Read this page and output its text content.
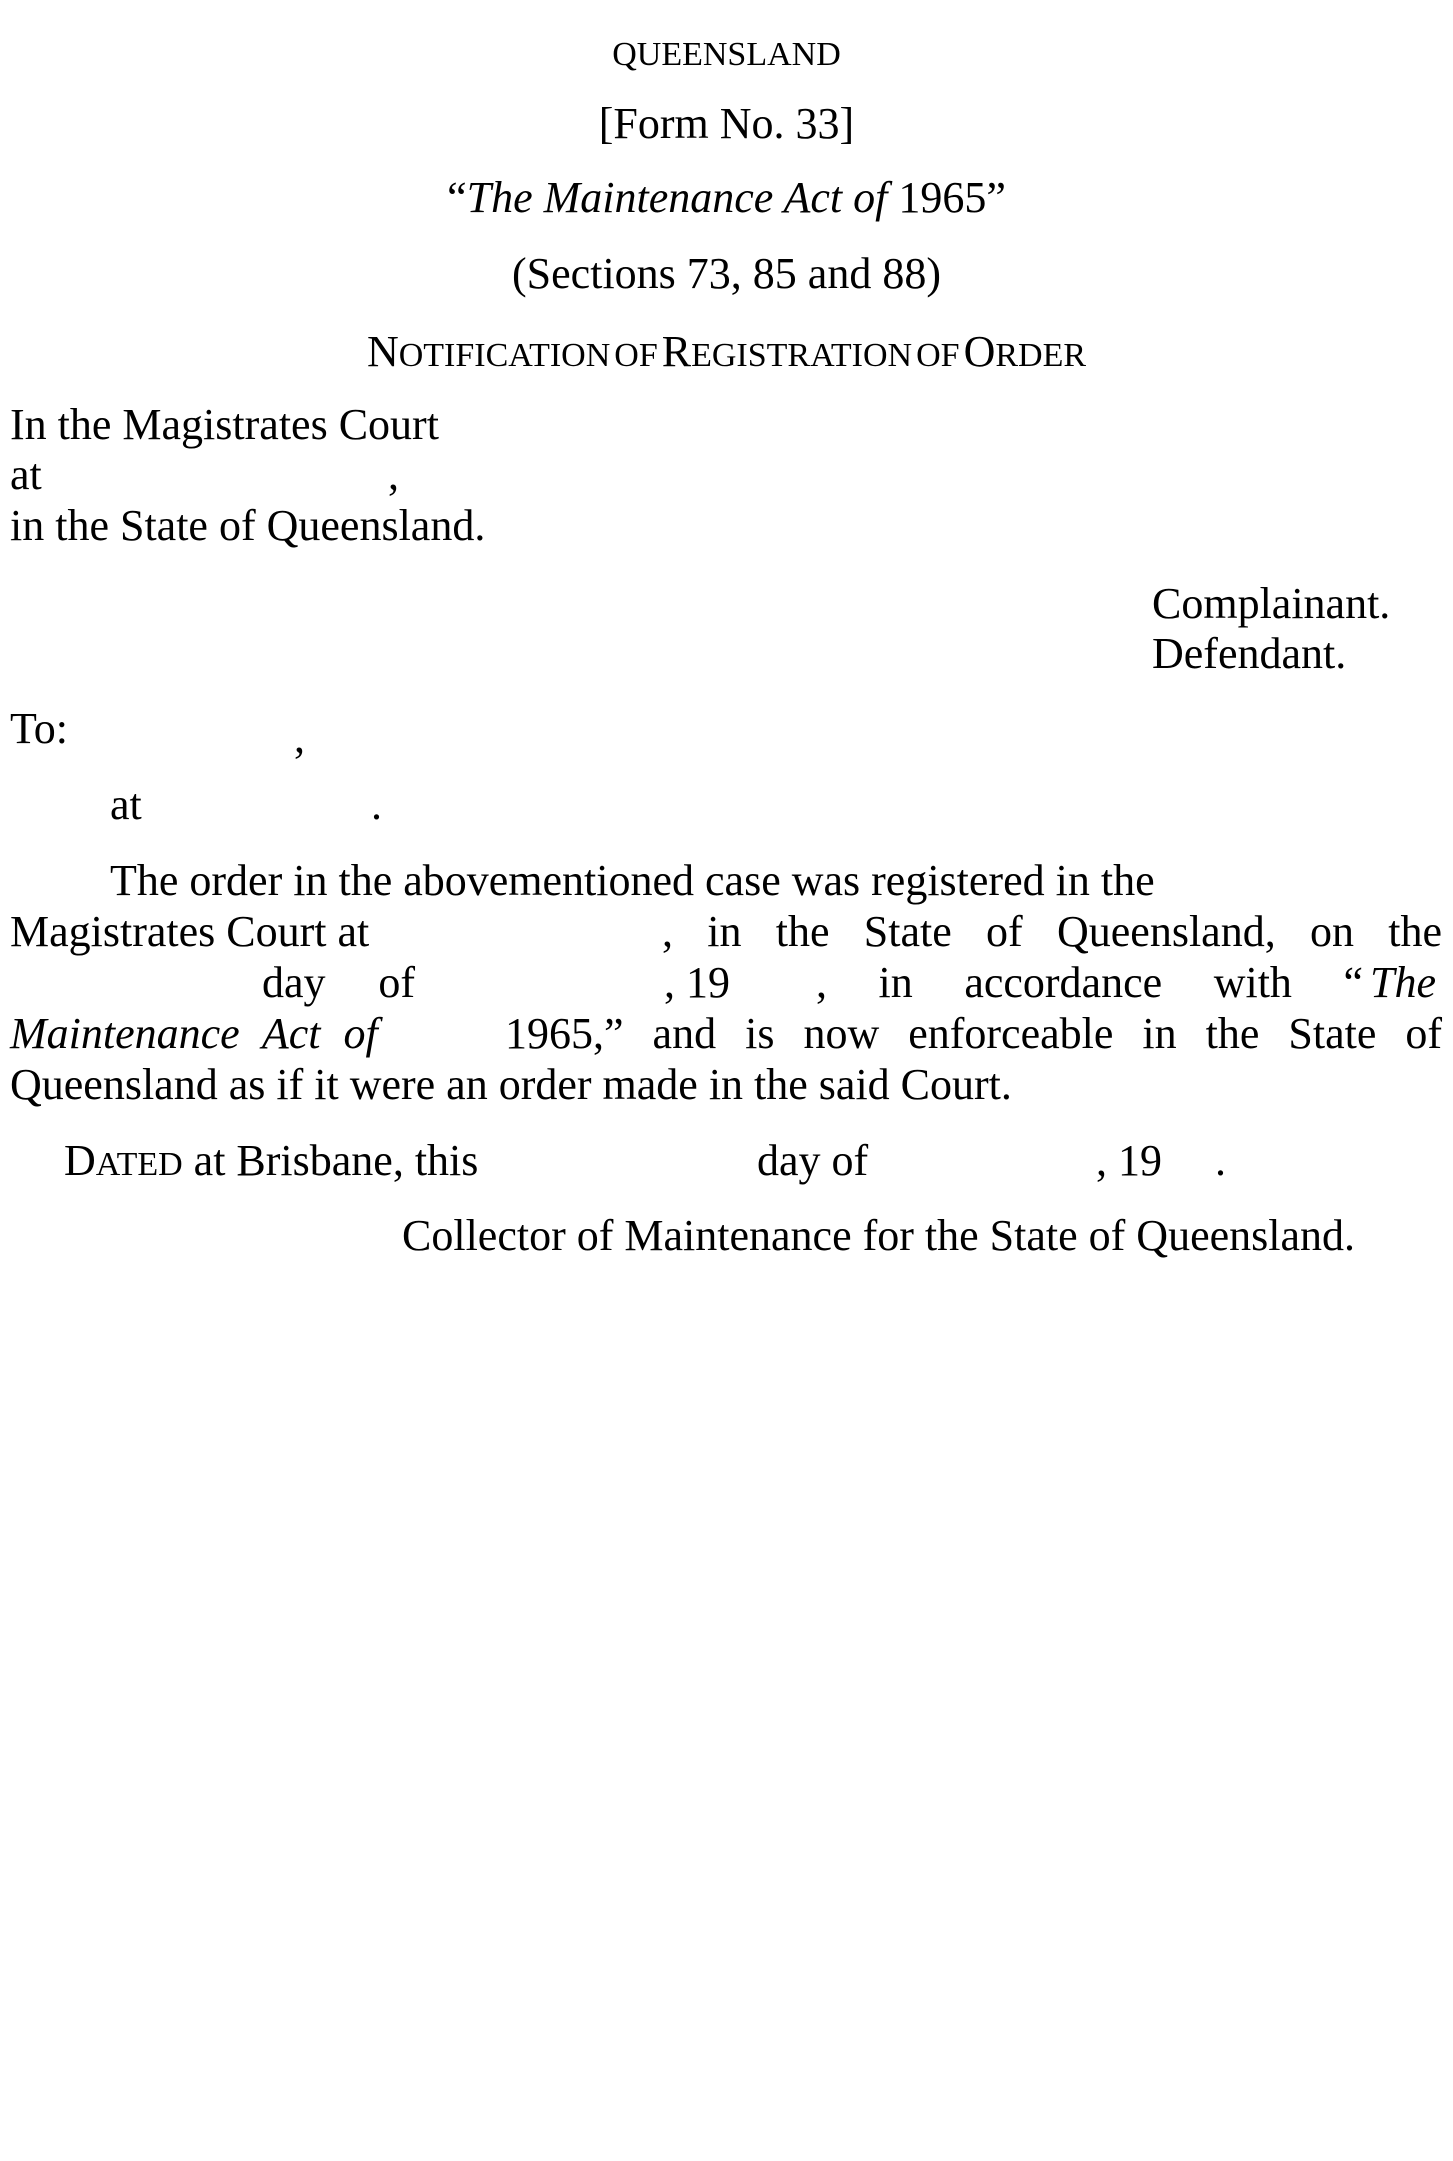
QUEENSLAND
[Form No. 33]
“The Maintenance Act of 1965”
(Sections 73, 85 and 88)
NOTIFICATION OF REGISTRATION OF ORDER
In the Magistrates Court
at	,
in the State of Queensland.
Complainant.
Defendant.
To:	,
at	.
The order in the abovementioned case was registered in the
Magistrates Court at	, in the State of Queensland, on the
day of	, 19 , in accordance with “ The
Maintenance Act of	1965,” and is now enforceable in the State of
Queensland as if it were an order made in the said Court.
DATED at Brisbane, this	day of	, 19 .
Collector of Maintenance for the State of Queensland.
